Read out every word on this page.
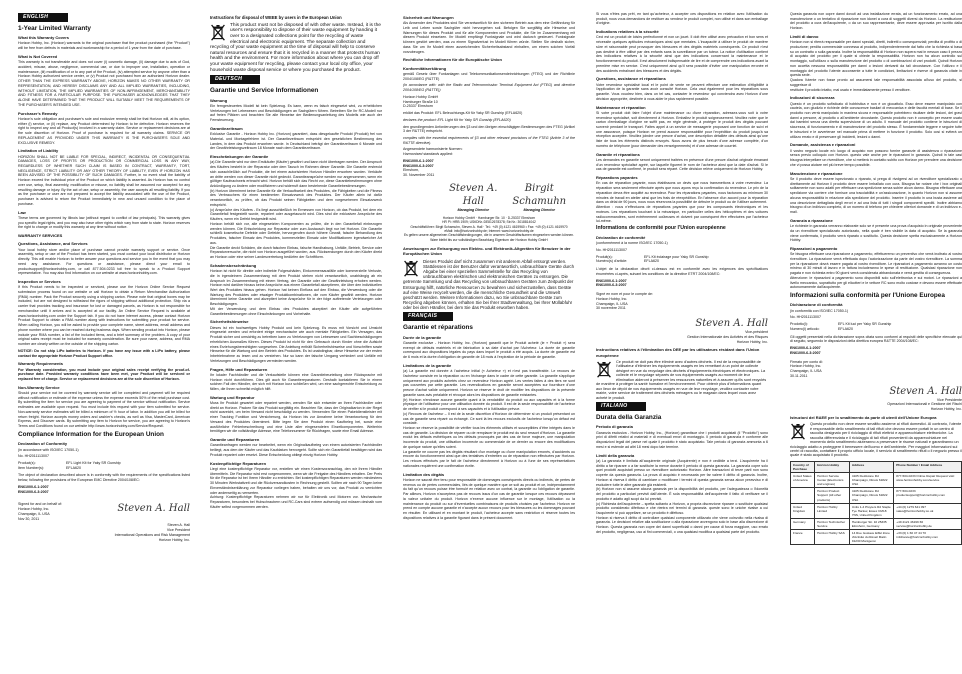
ENGLISH
1-Year Limited Warranty
What this Warranty Covers
Horizon Hobby, Inc. (Horizon) warrants to the original purchaser that the product purchased (the "Product") will be free from defects in materials and workmanship for a period of 1 year from the date of purchase.
What is Not Covered
This warranty is not transferable and does not cover (i) cosmetic damage, (ii) damage due to acts of God, accident, misuse, abuse, negligence, commercial use, or due to improper use, installation, operation or maintenance, (iii) modification of or to any part of the Product, (iv) attempted service by anyone other than a Horizon Hobby authorized service center, or (v) Product not purchased from an authorized Horizon dealer. OTHER THAN THE EXPRESS WARRANTY ABOVE, HORIZON MAKES NO OTHER WARRANTY OR REPRESENTATION, AND HEREBY DISCLAIMS ANY AND ALL IMPLIED WARRANTIES, INCLUDING, WITHOUT LIMITATION, THE IMPLIED WARRANTIES OF NON-INFRINGEMENT, MERCHANTABILITY AND FITNESS FOR A PARTICULAR PURPOSE. THE PURCHASER ACKNOWLEDGES THAT THEY ALONE HAVE DETERMINED THAT THE PRODUCT WILL SUITABLY MEET THE REQUIREMENTS OF THE PURCHASER'S INTENDED USE.
Purchaser's Remedy
Horizon's sole obligation and purchaser's sole and exclusive remedy shall be that Horizon will, at its option, either (i) service, or (ii) replace, any Product determined by Horizon to be defective. Horizon reserves the right to inspect any and all Product(s) involved in a warranty claim. Service or replacement decisions are at the sole discretion of Horizon. Proof of purchase is required for all warranty claims. SERVICE OR REPLACEMENT AS PROVIDED UNDER THIS WARRANTY IS THE PURCHASER'S SOLE AND EXCLUSIVE REMEDY.
Limitation of Liability
HORIZON SHALL NOT BE LIABLE FOR SPECIAL, INDIRECT, INCIDENTAL OR CONSEQUENTIAL DAMAGES, LOSS OF PROFITS OR PRODUCTION OR COMMERCIAL LOSS IN ANY WAY, REGARDLESS OF WHETHER SUCH CLAIM IS BASED IN CONTRACT, WARRANTY, TORT, NEGLIGENCE, STRICT LIABILITY OR ANY OTHER THEORY OF LIABILITY, EVEN IF HORIZON HAS BEEN ADVISED OF THE POSSIBILITY OF SUCH DAMAGES. Further, in no event shall the liability of Horizon exceed the individual price of the Product on which liability is asserted. As Horizon has no control over use, setup, final assembly, modification or misuse, no liability shall be assumed nor accepted for any resulting damage or injury. By the act of use, setup or assembly, the user accepts all resulting liability. If you as the purchaser or user are not prepared to accept the liability associated with the use of the Product, purchaser is advised to return the Product immediately in new and unused condition to the place of purchase.
Law
These terms are governed by Illinois law (without regard to conflict of law principals). This warranty gives you specific legal rights, and you may also have other rights which vary from state to state. Horizon reserves the right to change or modify this warranty at any time without notice.
WARRANTY SERVICES
Questions, Assistance, and Services
Your local hobby store and/or place of purchase cannot provide warranty support or service. Once assembly, setup or use of the Product has been started, you must contact your local distributor or Horizon directly. This will enable Horizon to better answer your questions and service you in the event that you may need any assistance. For questions or assistance, please direct your email to productsupport@horizonhobby.com, or call 877.504.0233 toll free to speak to a Product Support representative. You may also find information on our website at www.horizonhobby.com.
Inspection or Services
If this Product needs to be inspected or serviced, please use the Horizon Online Service Request submission process found on our website or call Horizon to obtain a Return Merchandise Authorization (RMA) number. Pack the Product securely using a shipping carton. Please note that original boxes may be included, but are not designed to withstand the rigors of shipping without additional protection. Ship via a carrier that provides tracking and insurance for lost or damaged parcels, as Horizon is not responsible for merchandise until it arrives and is accepted at our facility. An Online Service Request is available at www.horizonhobby.com under the Support tab. If you do not have internet access, please contact Horizon Product Support to obtain a RMA number along with instructions for submitting your product for service. When calling Horizon, you will be asked to provide your complete name, street address, email address and phone number where you can be reached during business days. When sending product into Horizon, please include your RMA number, a list of the included items, and a brief summary of the problem. A copy of your original sales receipt must be included for warranty consideration. Be sure your name, address, and RMA number are clearly written on the outside of the shipping carton.
NOTICE: Do not ship LiPo batteries to Horizon. If you have any issue with a LiPo battery, please contact the appropriate Horizon Product Support office.
Warranty Requirements
For Warranty consideration, you must include your original sales receipt verifying the proof-of-purchase date. Provided warranty conditions have been met, your Product will be serviced or replaced free of charge. Service or replacement decisions are at the sole discretion of Horizon.
Non-Warranty Service
Should your service not be covered by warranty service will be completed and payment will be required without notification or estimate of the expense unless the expense exceeds 50% of the retail purchase cost. By submitting the item for service you are agreeing to payment of the service without notification. Service estimates are available upon request. You must include this request with your item submitted for service. Non-warranty service estimates will be billed a minimum of ½ hour of labor. In addition you will be billed for return freight. Horizon accepts money orders and cashier's checks, as well as Visa, MasterCard, American Express, and Discover cards. By submitting any item to Horizon for service, you are agreeing to Horizon's Terms and Conditions found on our website http://www.horizonhobby.com/Service/Request/.
Compliance Information for the European Union
Declaration of Conformity
(in accordance with ISO/IEC 17050-1)
No. HH2011113007
Product(s):	EFL Light Kit for Yaky SR Gunship
Item Number(s):	EFLA620
The object of declaration described above is in conformity with the requirements of the specifications listed below, following the provisions of the European EMC Directive 2004/108/EC:
EN61000-6-1:2007
EN61000-6-3:2007
Signed for and on behalf of:
Horizon Hobby, Inc.
Champaign, IL USA
Nov 30, 2011
Steven A. Hall
Steven A. Hall
Vice President
International Operations and Risk Management
Horizon Hobby, Inc.
Instructions for disposal of WEEE by users in the European Union
This product must not be disposed of with other waste. Instead, it is the user's responsibility to dispose of their waste equipment by handing it over to a designated collections point for the recycling of waste electrical and electronic equipment. The separate collection and recycling of your waste equipment at the time of disposal will help to conserve natural resources and ensure that it is recycled in a manner that protects human health and the environment. For more information about where you can drop off your waste equipment for recycling, please contact your local city office, your household waste disposal service or where you purchased the product.
DEUTSCH
Garantie und Service Informationen
Warnung
Ein ferngesteuertes Modell ist kein Spielzeug. Es kann, wenn es falsch eingesetzt wird, zu erheblichen Verletzungen bei Lebewesen und Beschädigungen an Sachgütern führen. Betreiben Sie Ihr RC-Modell nur auf freien Plätzen und beachten Sie alle Hinweise der Bedienungsanleitung des Modells wie auch der Fernsteuerung.
Garantiezeitraum
Exklusive Garantie - Horizon Hobby Inc. (Horizon) garantiert, dass diesgekaufte Produkt (Produkt) frei von Material- und Montagefehlern ist. Der Garantiezeitraum entspricht den gesetzlichen Bestimmung des Landes, in dem das Produkt erworben wurde. In Deutschland beträgt der Garantiezeitraum 6 Monate und der Gewährleistungszeitraum 18 Monate nach dem Garantiezeitraum.
Einschränkungen der Garantie
(a) Die Garantie wird nur dem Erstkäufer (Käufer) gewährt und kann nicht übertragen werden. Der Anspruch des Käufers besteht in der Reparatur oder dem Tausch im Rahmen dieser Garantie. Die Garantie erstreckt sich ausschließlich auf Produkte, die bei einem autorisierten Horizon Händler erworben wurden. Verkäufe an dritte werden von dieser Garantie nicht gedeckt. Garantieansprüche werden nur angenommen, wenn ein gültiger Kaufnachweis erbracht wird. Horizon behält sich das Recht vor, diese Garantiebestimmungen ohne Ankündigung zu ändern oder modifizieren und widerruft dann bestehende Garantiebestimmungen.
(b) Horizon übernimmt keine Garantie für die Verkaufbarkeit des Produktes, die Fähigkeiten und die Fitness des Verbrauchers für einen bestimmten Einsatzzweck des Produktes. Der Käufer allein ist dafür verantwortlich, zu prüfen, ob das Produkt seinen Fähigkeiten und dem vorgesehenen Einsatzzweck entspricht.
(c) Ansprüche des Käufers - Es liegt ausschließlich im Ermessen von Horizon, ob das Produkt, bei dem ein Garantiefall festgestellt wurde, repariert oder ausgetauscht wird. Dies sind die exklusiven Ansprüche des Käufers, wenn ein Defekt festgestellt wird.
Horizon behält sich vor, alle eingesetzten Komponenten zu prüfen, die in den Garantiefall einbezogen werden können. Die Entscheidung zur Reparatur oder zum Austausch liegt nur bei Horizon. Die Garantie schließt kosmetische Defekte oder Defekte, hervorgerufen durch höhere Gewalt, falsche Behandlung des Produktes, falscher Einsatz des Produktes, kommerziellen Einsatz oder Modifikationen irgendwelcher Art aus.
Die Garantie deckt Schäden, die durch falschen Einbau, falsche Handhabung, Unfälle, Betrieb, Service oder Reparaturversuche, die nicht von Horizon ausgeführt wurden, aus. Rücksendungen durch den Käufer direkt an Horizon oder eine seiner Landesvertretung bedürfen der Schriftform.
Schadensbeschränkung
Horizon ist nicht für direkte oder indirekte Folgeschäden, Einkommensausfälle oder kommerzielle Verluste, die in irgendeinem Zusammenhang mit dem Produkt stehen nicht verantwortlich, unabhängig ab ein Anspruch im Zusammenhang mit einem Vertrag, der Garantie oder der Gewährleistung erhoben werden. Horizon wird darüber hinaus keine Ansprüche aus einem Garantiefall akzeptieren, die über den individuellen Wert des Produktes hinaus gehen. Horizon hat keinen Einfluss auf den Einbau, die Verwendung oder die Wartung des Produktes oder etwaiger Produktkombinationen, die vom Käufer gewählt werden. Horizon übernimmt keine Garantie und akzeptiert keine Ansprüche für in der folge auftretende Verletzungen oder Beschädigungen.
Mit der Verwendung und dem Einbau des Produktes akzeptiert der Käufer alle aufgeführten Garantiebestimmungen ohne Einschränkungen und Vorbehalte.
Sicherheitshinweise
Dieses ist ein hochwertiges Hobby Produkt und kein Spielzeug. Es muss mit Vorsicht und Umsicht eingesetzt werden und erfordert einige mechanische wie auch mentale Fähigkeiten. Ein Versagen, das Produkt sicher und umsichtig zu betreiben kann zu Verletzungen von Lebewesen und Sachbeschädigungen erheblichen Ausmaßes führen. Dieses Produkt ist nicht für den Gebrauch durch Kinder ohne die Aufsicht eines Erziehungsberechtigten vorgesehen. Die Anleitung enthält Sicherheitshinweise und Vorschriften sowie Hinweise für die Wartung und den Betrieb des Produktes. Es ist unabdingbar, diese Hinweise vor der ersten Inbetriebnahme zu lesen und zu verstehen. Nur so kann der falsche Umgang verhindert und Unfälle mit Verletzungen und Beschädigungen vermieden werden.
Fragen, Hilfe und Reparaturen
Ihr lokaler Fachhändler und die Verkaufstelle können eine Garantiebeurteilung ohne Rücksprache mit Horizon nicht durchführen. Dies gilt auch für Garantiereparaturen. Deshalb kontaktieren Sie in einem solchen Fall den Händler, der sich mit Horizon kurz schließen wird, um eine sachgerechte Entscheidung zu fällen, die Ihnen schnellst möglich hilft.
Wartung und Reparatur
Muss Ihr Produkt gewartet oder repariert werden, wenden Sie sich entweder an Ihren Fachhändler oder direkt an Horizon. Packen Sie das Produkt sorgfältig ein. Beachten Sie, dass der Originalkarton in der Regel nicht ausreicht, um beim Versand nicht beschädigt zu werden. Verwenden Sie einen Paketdienstleister mit einer Tracking Funktion und Versicherung, da Horizon bis zur Annahme keine Verantwortung für den Versand des Produktes übernimmt. Bitte legen Sie dem Produkt einen Kaufbeleg bei, sowie eine ausführliche Fehlerbeschreibung und eine Liste aller eingesendeten Einzelkomponenten. Weiterhin benötigen wir die vollständige Adresse, eine Telefonnummer für Rückfragen, sowie eine Email Adresse.
Garantie und Reparaturen
Garantieanfragen werden nur bearbeitet, wenn ein Originalkaufbeleg von einem autorisierten Fachhändler beiliegt, aus dem der Käufer und das Kaufdatum hervorgeht. Sollte sich ein Garantiefall bestätigen wird das Produkt repariert oder ersetzt. Diese Entscheidung obliegt einzig Horizon Hobby.
Kostenpflichtige Reparaturen
Liegt eine kostenpflichtige Reparatur vor, erstellen wir einen Kostenvoranschlag, den wir Ihrem Händler übermitteln. Die Reparatur wird erst vorgenommen, wenn wir die Freigabe des Händlers erhalten. Der Preis für die Reparatur ist bei Ihrem Händler zu entrichten. Bei kostenpflichtigen Reparaturen werden mindestens 30 Minuten Werkstattzeit und die Rückversandkosten in Rechnung gestellt. Sollten wir nach 90 Tagen keine Einverständniserklärung zur Reparatur vorliegen haben, behalten wir uns vor, das Produkt zu vernichten oder anderweitig zu verwerten.
Achtung: Kostenpflichtige Reparaturen nehmen wir nur für Elektronik und Motoren vor. Mechanische Reparaturen, besonders bei Hubschraubern und RC-Cars sind extrem aufwendig und müssen deshalb vom Käufer selbst vorgenommen werden.
Sicherheit und Warnungen
Als Anwender des Produktes sind Sie verantwortlich für den sicheren Betrieb aus dem eine Gefährdung für Leib und Leben sowie Sachgüter nicht hervorgehen soll. Befolgen Sie sorgfältig alle Hinweise und Warnungen für dieses Produkt und für alle Komponenten und Produkte, die Sie im Zusammenhang mit diesem Produkt einsetzen. Ihr Modell empfängt Funksignale und wird dadurch gesteuert. Funksignale können gestört werden, was zu einem Signalverlust im Modell führen würde. Stellen Sie deshalb sicher, dass Sie um Ihr Modell einen ausreichenden Sicherheitsabstand einhalten, um einem solchen Vorfall vorzubeugen.
Rechtliche Informationen für die Europäische Union
Konformitätserklärung
gemäß Gesetz über Funkanlagen und Telekommunikationsendeinrichtungen (FTEG) und der Richtlinie 2004/108/EG (R&TTE)
(in accordance with: with the Radio and Telecommission Terminal Equipment Act (FTEG) and directive 2004/108/EG (R&TTE))
Horizon Hobby GmbH
Hamburger Straße 10
D-25337 Elmshorn
erklärt das Produkt: EFL Beleuchtungs-Kit für Yaky SR Gunship (EFLA620)
declares the product: EFL Light Kit for Yaky SR Gunship (EFLA620)
den grundlegenden Anforderungen des §3 und den übrigen einschlägigen Bestimmungen des FTEG (Artikel 3 der R&TTE) entspricht.
complies with the essential requirements of §3 and other relevant provisions of the FTEG (Article 3 of the R&TTE directive).
Angewendete harmonisierte Normen:
Harmonised standards applied:
EN61000-6-1:2007
EN61000-6-3:2007
Elmshorn,
30. November 2011
Steven A. Hall
Managing Director
Birgit Schamuhn
Managing Director
Horizon Hobby GmbH · Hamburger Str. 10 · D-25337 Elmshorn
HR Pi: HRB 1909; UStIDNr.:DE812678378; Str.Nr.: 3018814042
Geschäftsführer: Birgit Schamuhn, Steven A. Hall · Tel.: +49 (0) 4121 4619960 • Fax: +49 (0) 4121 4619970
eMail: info@horizonhobby.de; Internet: www.horizonhobby.de
Es gelten unsere allgemeinen Geschäftsbedingungen, die in unseren Geschäftsräumen eingesehen werden können.
Ware bleibt bis zur vollständigen Bezahlung Eigentum der Horizon Hobby GmbH
Anweisungen zur Entsorgung von Elektro- und Elektronik-Altgeräten für Benutzer in der Europäischen Union
Dieses Produkt darf nicht zusammen mit anderem Abfall entsorgt werden. Stattdessen ist der Benutzer dafür verantwortlich, unbrauchbare Geräte durch Abgabe bei einer speziellen Sammelstelle für das Recycling von unbrauchbaren elektrischen und elektronischen Geräten zu entsorgen. Die getrennte Sammlung und das Recycling von unbrauchbaren Geräten zum Zeitpunkt der Entsorgung hilft, natürliche Ressourcen zu bewahren und sicherzustellen, dass Geräte auf eine Weise recycelt werden, die die menschliche Gesundheit und die Umwelt geschützt werden. Weitere Informationen dazu, wo Sie unbrauchbare Geräte zum Recycling abgeben können, erhalten Sie bei Ihrer Stadtverwaltung, bei Ihrer Müllabfuhr oder bei dem Händler, bei dem Sie das Produkt erworben haben.
FRANÇAIS
Garantie et réparations
Durée de la garantie
Garantie exclusive - Horizon Hobby, Inc. (Horizon) garantit que le Produit acheté (le « Produit ») sera exempt de défauts matériels et de fabrication à sa date d'achat par l'Acheteur. La durée de garantie correspond aux dispositions légales du pays dans lequel le produit a été acquis. La durée de garantie est de 6 mois et la durée d'obligation de garantie de 18 mois à l'expiration de la période de garantie.
Limitations de la garantie
(a) La garantie est donnée à l'acheteur initial (« Acheteur ») et n'est pas transférable. Le recours de l'acheteur consiste en la réparation ou en l'échange dans le cadre de cette garantie. La garantie s'applique uniquement aux produits achetés chez un revendeur Horizon agréé. Les ventes faites à des tiers ne sont pas couvertes par cette garantie. Les revendications en garantie seront acceptées sur fourniture d'une preuve d'achat valide uniquement. Horizon se réserve le droit de modifier les dispositions de la présente garantie sans avis préalable et révoque alors les dispositions de garantie existantes.
(b) Horizon n'endosse aucune garantie quant à la vendabilité du produit ou aux capacités et à la forme physique de l'utilisateur pour une utilisation donnée du produit. Il est de la seule responsabilité de l'acheteur de vérifier si le produit correspond à ses capacités et à l'utilisation prévue.
(c) Recours de l'acheteur – Il est de la seule discrétion d'Horizon de déterminer si un produit présentant un cas de garantie sera réparé ou échangé. Ce sont là les recours exclusifs de l'acheteur lorsqu'un défaut est constaté.
Horizon se réserve la possibilité de vérifier tous les éléments utilisés et susceptibles d'être intégrés dans le cas de garantie. La décision de réparer ou de remplacer le produit est du seul ressort d'Horizon. La garantie exclut les défauts esthétiques ou les défauts provoqués par des cas de force majeure, une manipulation incorrecte du produit, une utilisation incorrecte ou commerciale de ce dernier ou encore des modifications de quelque nature qu'elles soient.
La garantie ne couvre pas les dégâts résultant d'un montage ou d'une manipulation erronés, d'accidents ou encore du fonctionnement ainsi que des tentatives d'entretien ou de réparation non effectuées par Horizon. Les retours effectués par le fait de l'acheteur directement à Horizon ou à l'une de ses représentations nationales requièrent une confirmation écrite.
Limitation des dégâts
Horizon ne saurait être tenu pour responsable de dommages conséquents directs ou indirects, de pertes de revenus ou de pertes commerciales, liés de quelque manière que ce soit au produit et ce, indépendamment du fait qu'un recours puisse être formulé en relation avec un contrat, la garantie ou l'obligation de garantie. Par ailleurs, Horizon n'acceptera pas de recours issus d'un cas de garantie lorsque ces recours dépassent la valeur unitaire du produit. Horizon n'exerce aucune influence sur le montage, l'utilisation ou la maintenance du produit ou sur d'éventuelles combinaisons de produits choisies par l'acheteur. Horizon ne prend en compte aucune garantie et n'accepte aucun recours pour les blessures ou les dommages pouvant en résulter. En utilisant et en montant le produit, l'acheteur accepte sans restriction ni réserve toutes les dispositions relatives à la garantie figurant dans le présent document.
Si vous n'êtes pas prêt, en tant qu'acheteur, à accepter ces dispositions en relation avec l'utilisation du produit, nous vous demandons de restituer au vendeur le produit complet, non utilisé et dans son emballage d'origine.
Indications relatives à la sécurité
Ceci est un produit de loisirs perfectionné et non un jouet. Il doit être utilisé avec précaution et bon sens et nécessite quelques aptitudes mécaniques ainsi que mentales. L'incapacité à utiliser le produit de manière sûre et raisonnable peut provoquer des blessures et des dégâts matériels conséquents. Ce produit n'est pas destiné à être utilisé par des enfants sans la surveillance par un tuteur. La notice d'utilisation contient des indications relatives à la sécurité ainsi que des indications concernant la maintenance et le fonctionnement du produit. Il est absolument indispensable de lire et de comprendre ces indications avant la première mise en service. C'est uniquement ainsi qu'il sera possible d'éviter une manipulation erronée et des accidents entraînant des blessures et des dégâts.
Questions, assistance et réparations
Votre revendeur spécialisé local et le point de vente ne peuvent effectuer une estimation d'éligibilité à l'application de la garantie sans avoir consulté Horizon. Cela vaut également pour les réparations sous garantie. Vous voudrez bien, dans un tel cas, contacter le revendeur qui conviendra avec Horizon d'une décision appropriée, destinée à vous aider le plus rapidement possible.
Maintenance et réparation
Si votre produit doit faire l'objet d'une maintenance ou d'une réparation, adressez-vous soit à votre revendeur spécialisé, soit directement à Horizon. Emballez le produit soigneusement. Veuillez noter que le carton d'emballage d'origine ne suffit pas, en règle générale, à protéger le produit des dégâts pouvant survenir pendant le transport. Faites appel à un service de messagerie proposant une fonction de suivi et une assurance, puisque Horizon ne prend aucune responsabilité pour l'expédition du produit jusqu'à sa réception acceptée. Veuillez joindre une preuve d'achat, une description détaillée des défauts ainsi qu'une liste de tous les éléments distincts envoyés. Nous avons de plus besoin d'une adresse complète, d'un numéro de téléphone (pour demander des renseignements) et d'une adresse de courriel.
Garantie et réparations
Les demandes en garantie seront uniquement traitées en présence d'une preuve d'achat originale émanant d'un revendeur spécialisé agréé, sur laquelle figurent le nom de l'acheteur ainsi que la date d'achat. Si le cas de garantie est confirmé, le produit sera réparé. Cette décision relève uniquement de Horizon Hobby.
Réparations payantes
En cas de réparation payante, nous établissons un devis que nous transmettons à votre revendeur. La réparation sera seulement effectuée après que nous ayons reçu la confirmation du revendeur. Le prix de la réparation devra être acquitté au revendeur. Pour les réparations payantes, nous facturons au minimum 30 minutes de travail en atelier ainsi que les frais de réexpédition. En l'absence d'un accord pour la réparation dans un délai de 90 jours, nous nous réservons la possibilité de détruire le produit ou de l'utiliser autrement.
Attention : nous n'effectuons de réparations payantes que pour les composants électroniques et les moteurs. Les réparations touchant à la mécanique, en particulier celles des hélicoptères et des voitures radiocommandées, sont extrêmement coûteuses et doivent par conséquent être effectuées par l'acheteur lui-même.
Informations de conformité pour l'Union européenne
Déclaration de conformité
(conformément à la norme ISO/IEC 17050-1)
No. HH2011113007
Produit(s):	EFL Kit éclairage pour Yaky SR Gunship
Numéro(s) d'article:	EFLA620
L'objet de la déclaration décrit ci-dessus est en conformité avec les exigences des spécifications énumérées ci-après, suivant les conditions de la directive ETRT 2004/108/EC:
EN61000-6-1:2007
EN61000-6-3:2007
Signé en nom et pour le compte de:
Horizon Hobby, Inc.
Champaign, IL USA
30 novembre 2011
Steven A. Hall
Vice-président
Gestion Internationale des Activités et des Risques
Horizon Hobby, Inc.
Instructions relatives à l'élimination des DEE par les utilisateurs résidant dans l'Union européenne
Ce produit ne doit pas être éliminé avec d'autres déchets. Il est de la responsabilité de l'utilisateur d'éliminer les équipements usagés en les remettant à un point de collecte désigné en vue du recyclage des déchets d'équipements électriques et électroniques. La collecte et le recyclage séparés de vos équipements usagés au moment de leur élimination aideront à préserver les ressources naturelles et à assurer qu'ils sont recyclés de manière à protéger la santé humaine et l'environnement. Pour obtenir plus d'informations quant aux lieux de dépôt de vos équipements usagés en vue de leur recyclage, veuillez contacter votre mairie, votre service de traitement des déchets ménagers ou le magasin dans lequel vous avez acheté le produit.
ITALIANO
Durata della Garanzia
Periodo di garanzia
Garanzia esclusiva - Horizon Hobby, Inc., (Horizon) garantisce che i prodotti acquistati (il "Prodotto") sono privi di difetti relativi ai materiali e di eventuali errori di montaggio. Il periodo di garanzia è conforme alle disposizioni legali del paese nel quale il prodotto è stato acquistato. Tale periodo di garanzia ammonta a 6 mesi e si estende ad altri 18 mesi dopo tale termine.
Limiti della garanzia
(a) La garanzia è limitata all'acquirente originale (Acquirente) e non è cedibile a terzi. L'acquirente ha il diritto a far riparare o a far sostituire la merce durante il periodo di questa garanzia. La garanzia copre solo quei prodotti acquistati presso un rivenditore autorizzato Horizon. Altre transazioni di terze parti non sono coperte da questa garanzia. La prova di acquisto è necessaria per far valere il diritto di garanzia. Inoltre, Horizon si riserva il diritto di cambiare o modificare i termini di questa garanzia senza alcun preavviso e di escludere tutte le altre garanzie già esistenti.
(b) Horizon non si assume alcuna garanzia per la disponibilità del prodotto, per l'adeguatezza o l'idoneità del prodotto a particolari previsti dall'utente. È sola responsabilità dell'acquirente il fatto di verificare se il prodotto è adatto agli scopi da lui previsti.
(c) Richiesta dell'acquirente – spetta soltanto a Horizon, a propria discrezione riparare o sostituire qualsiasi prodotto considerato difettoso e che rientra nei termini di garanzia. queste sono le uniche rivalse a cui l'acquirente si può appellare, se un prodotto è difettoso.
Horizon si riserva il diritto di controllare qualsiasi componente utilizzato che viene coinvolto nella rivalsa di garanzia. Le decisioni relative alla sostituzione o alla riparazione avvengono solo in base alla discrezione di Horizon. Questa garanzia non copre dei danni superficiali o danni per cause di forza maggiore, uso errato del prodotto, negligenza, uso ai fini commerciali, o una qualsiasi modifica a qualsiasi parte del prodotto.
Questa garanzia non copre danni dovuti ad una installazione errata, ad un funzionamento errato, ad una manutenzione o un tentativo di riparazione non idonei a cura di soggetti diversi da Horizon. La restituzione del prodotto a cura dell'acquirente, o da un suo rappresentante, deve essere approvata per iscritto dalla Horizon.
Limiti di danno
Horizon non si riterrà responsabile per danni speciali, diretti, indiretti o consequenziali; perdita di profitto o di produzione; perdita commerciale connessa al prodotto, indipendentemente dal fatto che la richiesta si basa su un contratto o sulla garanzia. Inoltre la responsabilità di Horizon non supera mai in nessun caso il prezzo di acquisto del prodotto per il quale si chiede la responsabilità. Horizon non ha alcun controllo sul montaggio, sull'utilizzo o sulla manutenzione del prodotto o di combinazioni di vari prodotti. Quindi Horizon non accetta nessuna responsabilità per danni o lesioni derivanti da tali circostanze. Con l'utilizzo e il montaggio del prodotto l'utente acconsente a tutte le condizioni, limitazioni e riserve di garanzia citate in questa sede.
Qualora l'utente non fosse pronto ad assumersi tale responsabilità associata all'uso del prodotto, si suggerisce di
restituire il prodotto intatto, mai usato e immediatamente presso il venditore.
Indicazioni di sicurezza
Questo è un prodotto sofisticato di hobbistica e non è un giocattolo. Esso deve essere manipolato con cautela, con giudizio e richiede delle conoscenze basilari di meccanica e delle facoltà mentali di base. Se il prodotto non verrà manipolato in maniera sicura e responsabile potrebbero risultare delle lesioni, dei gravi danni a persone, al prodotto o all'ambiente circostante. Questo prodotto non è concepito per essere usato dai bambini senza una diretta supervisione di un adulto. Il manuale del prodotto contiene le istruzioni di sicurezza, di funzionamento e di manutenzione del prodotto stesso. È fondamentale leggere e seguire tutte le istruzioni e le avvertenze nel manuale prima di mettere in funzione il prodotto. Solo così si eviterà un utilizzo errato e di preservare gli incidenti, lesioni o danni.
Domande, assistenza e riparazioni
Il vostro negozio locale e/o luogo di acquisto non possono fornire garanzie di assistenza o riparazione senza previo colloquio con Horizon. questo vale anche per le riparazioni in garanzia. Quindi in tale casi bisogna interpellare un rivenditore, che si metterà in contatto subito con Horizon per prendere una decisione che vi possa aiutare nel più breve tempo possibile.
Manutenzione e riparazione
Se il prodotto deve essere ispezionato o riparato, si prega di rivolgersi ad un rivenditore specializzato o direttamente ad Horizon il prodotto deve essere Imballato con cura. Bisogna far notare che i box originali solitamente non sono adatti per effettuare una spedizione senza subire alcun danno. Bisogna effettuare una spedizione via corriere che fornisce una tracciabilità e un'assicurazione, in quanto Horizon non si assume alcuna responsabilità in relazione alla spedizione del prodotto. Inserire il prodotto in una busta assieme ad una descrizione dettagliata degli errori e ad una lista di tutti i singoli componenti spediti. Inoltre abbiamo bisogno di un indirizzo completo, di un numero di telefono per chiedere ulteriori domande e di un indirizzo e-mail.
Garanzia a riparazione
Le richieste in garanzia verranno elaborate solo se è presente una prova d'acquisto in originale proveniente da un rivenditore specializzato autorizzato, nella quale è ben visibile la data di acquisto. Se la garanzia viene confermata, il prodotto verrà riparato o sostituito. Questa decisione spetta esclusivamente a Horizon Hobby.
Riparazioni a pagamento
Se bisogna effettuare una riparazione a pagamento, effettueremo un preventivo che verrà inoltrato al vostro rivenditore. La riparazione verrà effettuata dopo l'autorizzazione da parte del vostro rivenditore. La somma per la riparazione dovrà essere pagata al vostro rivenditore. Le riparazioni a pagamento avranno un costo minimo di 30 minuti di lavoro e in fattura includeranno le spese di restituzione. Qualsiasi riparazione non pagata e non richiesta entro 90 giorni verrà considerata abbandonata e verrà gestita di conseguenza.
Attenzione: le riparazioni a pagamento sono disponibili solo sull'elettronica e sui motori. Le riparazioni a livello meccanico, soprattutto per gli elicotteri e le vetture RC sono molto costose e devono essere effettuate autonomamente dall'acquirente.
Informazioni sulla conformità per l'Unione Europea
Dichiarazione di conformità
(in conformità con ISO/IEC 17050-1)
No. HH2011113007
Prodotto(i):	EFL Kit luci per Yaky SR Gunship
Numero(i) articolo:	EFLA620
Gli oggetti presentati nella dichiarazione sopra citata sono conformi ai requisiti delle specifiche elencate qui di seguito, seguendo le disposizioni della direttiva europea R&TTE 2004/108/EC:
EN61000-6-1:2007
EN61000-6-3:2007
Firmato per conto di:
Horizon Hobby, Inc.
Champaign, IL USA
30.11.2011
Steven A. Hall
Vice Presidente
Operazioni Internazionali e Gestione dei Rischi
Horizon Hobby, Inc.
Istruzioni del RAEE per lo smaltimento da parte di utenti dell'Unione Europea
Questo prodotto non deve essere smaltito assieme ai rifiuti domestici. Al contrario, l'utente è responsabile dello smaltimento di tali rifiuti che devono essere portati in un centro di raccolta designato per il riciclaggio di rifiuti elettrici e apparecchiature elettroniche. La raccolta differenziata e il riciclaggio di tali rifiuti provenienti da apparecchiature nel momento dello smaltimento aiuteranno a preservare le risorse naturali e garantiranno un riciclaggio adatto a proteggere il benessere dell'uomo e dell'ambiente. Per maggiori informazioni sui centri di raccolta, contattare il proprio ufficio locale, il servizio di smaltimento rifiuti o il negozio presso il quale è stato acquistato il prodotto.
Country of Purchase	Horizon Hobby	Address	Phone Number / Email Address
United States of America	Horizon Service Center (Electronics and engines)	4105 Fieldstone Rd Champaign, Illinois 61822 USA	877-504-0233 Online Repair Request visit: www.horizonhobby.com/service
	Horizon Product Support (All other products)	4105 Fieldstone Rd Champaign, Illinois 61822 USA	877-504-0233 productsupport@horizonhobby.com
United Kingdom	Horizon Hobby Limited	Units 1-4 Ployters Rd Staple Tye Harlow, Essex CM18 7NS, United Kingdom	+44 (0) 1279 641 097 sales@horizonhobby.co.uk
Germany	Horizon Technischer Service	Hamburger Str. 10 25335 Elmshorn, Germany	+49 4121 46199 66 service@horizonhobby.de
France	Horizon Hobby SAS	14 Rue Gustave Eiffel Zone d'Activité du Réveil Matin 91230 Montgeron	+33 (0) 1 60 47 44 70 infofrance@horizonhobby.com
